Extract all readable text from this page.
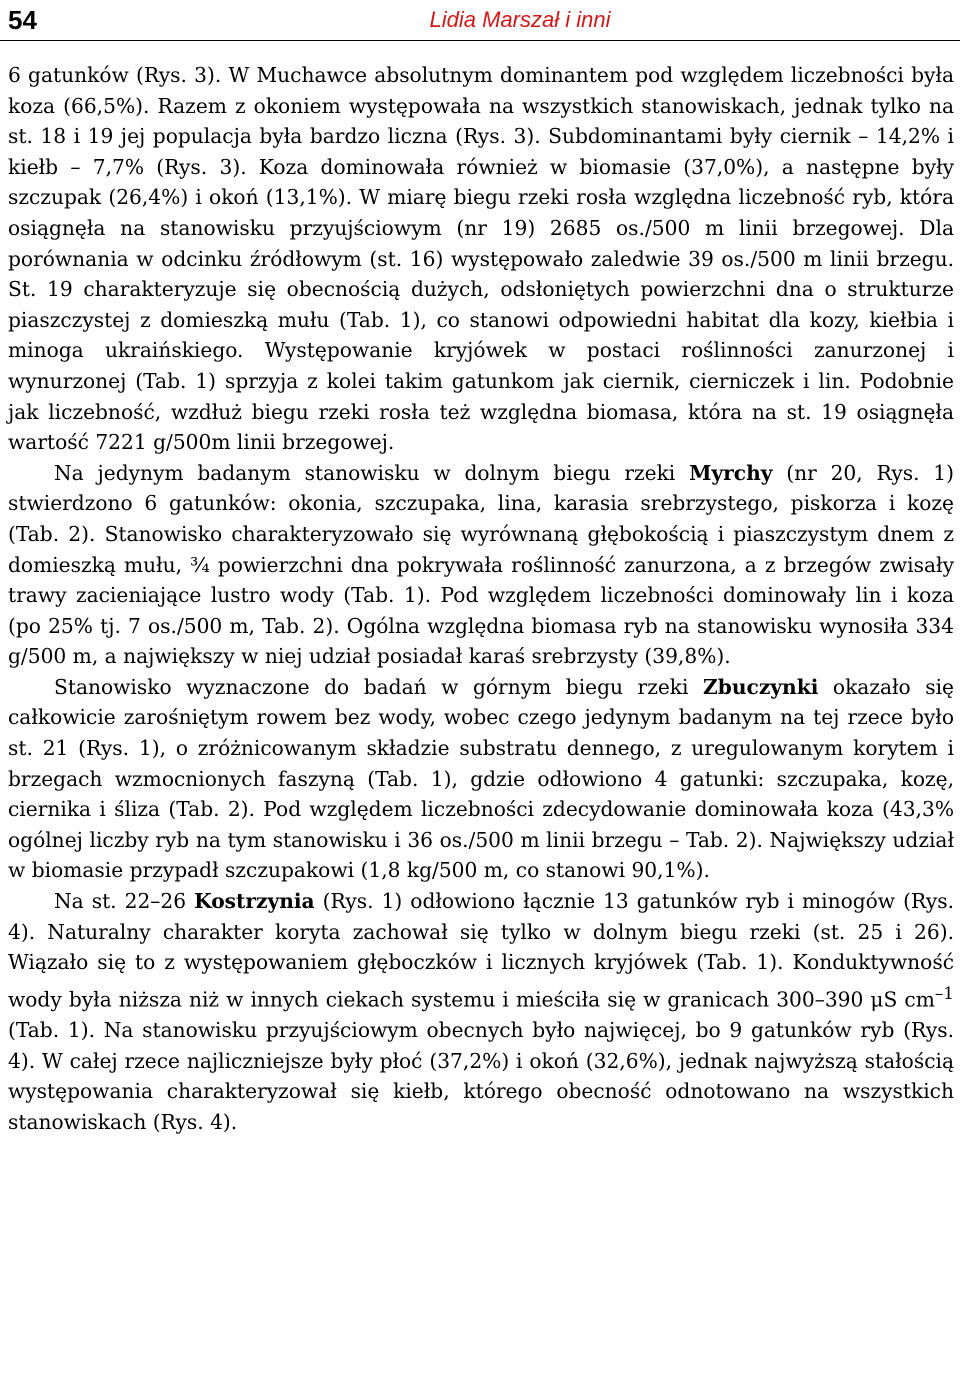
54	Lidia Marszał i inni

6 gatunków (Rys. 3). W Muchawce absolutnym dominantem pod względem liczebności była koza (66,5%). Razem z okoniem występowała na wszystkich stanowiskach, jednak tylko na st. 18 i 19 jej populacja była bardzo liczna (Rys. 3). Subdominantami były ciernik – 14,2% i kiełb – 7,7% (Rys. 3). Koza dominowała również w biomasie (37,0%), a następne były szczupak (26,4%) i okoń (13,1%). W miarę biegu rzeki rosła względna liczebność ryb, która osiągnęła na stanowisku przyujściowym (nr 19) 2685 os./500 m linii brzegowej. Dla porównania w odcinku źródłowym (st. 16) występowało zaledwie 39 os./500 m linii brzegu. St. 19 charakteryzuje się obecnością dużych, odsłoniętych powierzchni dna o strukturze piaszczystej z domieszką mułu (Tab. 1), co stanowi odpowiedni habitat dla kozy, kiełbia i minoga ukraińskiego. Występowanie kryjówek w postaci roślinności zanurzonej i wynurzonej (Tab. 1) sprzyja z kolei takim gatunkom jak ciernik, cierniczek i lin. Podobnie jak liczebność, wzdłuż biegu rzeki rosła też względna biomasa, która na st. 19 osiągnęła wartość 7221 g/500m linii brzegowej.

Na jedynym badanym stanowisku w dolnym biegu rzeki Myrchy (nr 20, Rys. 1) stwierdzono 6 gatunków: okonia, szczupaka, lina, karasia srebrzystego, piskorza i kozę (Tab. 2). Stanowisko charakteryzowało się wyrównaną głębokością i piaszczystym dnem z domieszką mułu, ¾ powierzchni dna pokrywała roślinność zanurzona, a z brzegów zwisały trawy zacieniające lustro wody (Tab. 1). Pod względem liczebności dominowały lin i koza (po 25% tj. 7 os./500 m, Tab. 2). Ogólna względna biomasa ryb na stanowisku wynosiła 334 g/500 m, a największy w niej udział posiadał karaś srebrzysty (39,8%).

Stanowisko wyznaczone do badań w górnym biegu rzeki Zbuczynki okazało się całkowicie zarośniętym rowem bez wody, wobec czego jedynym badanym na tej rzece było st. 21 (Rys. 1), o zróżnicowanym składzie substratu dennego, z uregulowanym korytem i brzegach wzmocnionych faszyną (Tab. 1), gdzie odłowiono 4 gatunki: szczupaka, kozę, ciernika i śliza (Tab. 2). Pod względem liczebności zdecydowanie dominowała koza (43,3% ogólnej liczby ryb na tym stanowisku i 36 os./500 m linii brzegu – Tab. 2). Największy udział w biomasie przypadł szczupakowi (1,8 kg/500 m, co stanowi 90,1%).

Na st. 22–26 Kostrzynia (Rys. 1) odłowiono łącznie 13 gatunków ryb i minogów (Rys. 4). Naturalny charakter koryta zachował się tylko w dolnym biegu rzeki (st. 25 i 26). Wiązało się to z występowaniem głęboczków i licznych kryjówek (Tab. 1). Konduktywność wody była niższa niż w innych ciekach systemu i mieściła się w granicach 300–390 μS $cm^{-1}$ (Tab. 1). Na stanowisku przyujściowym obecnych było najwięcej, bo 9 gatunków ryb (Rys. 4). W całej rzece najliczniejsze były płoć (37,2%) i okoń (32,6%), jednak najwyższą stałością występowania charakteryzował się kiełb, którego obecność odnotowano na wszystkich stanowiskach (Rys. 4).
